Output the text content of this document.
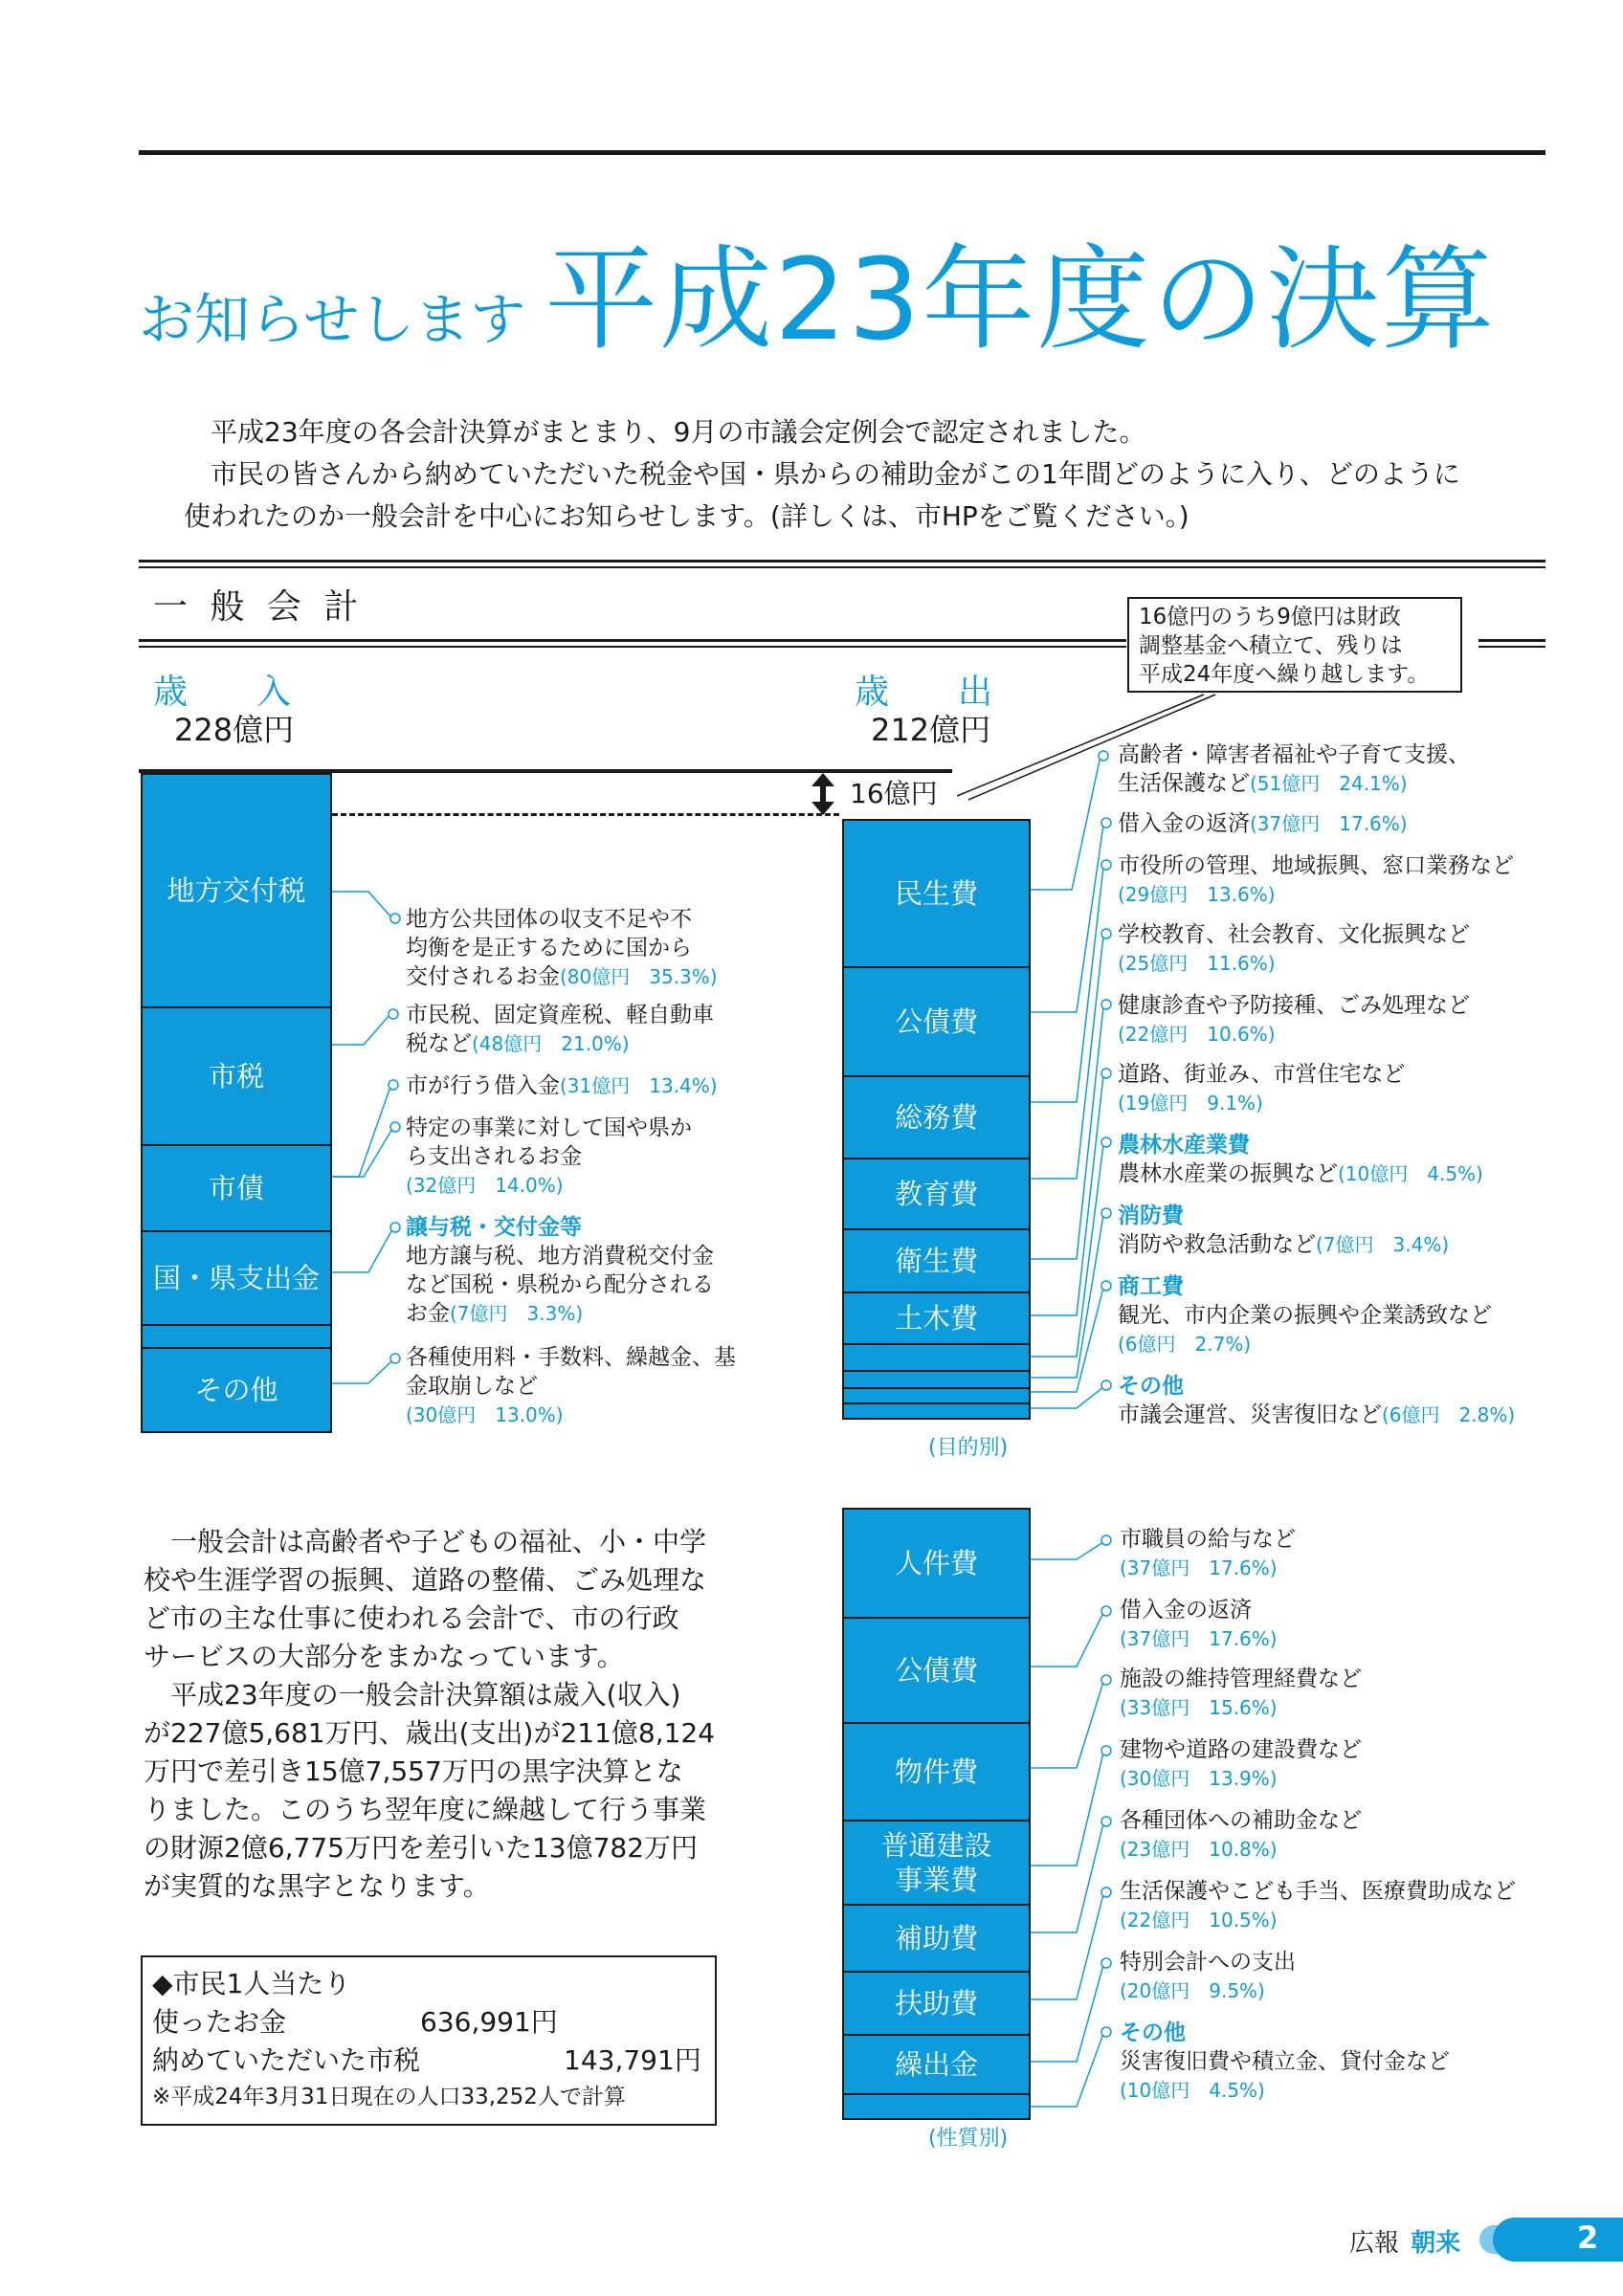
お知らせします 平成23年度の決算

　平成23年度の各会計決算がまとまり、9月の市議会定例会で認定されました。

　市民の皆さんから納めていただいた税金や国・県からの補助金がこの1年間どのように入り、どのように

使われたのか一般会計を中心にお知らせします。(詳しくは、市HPをご覧ください。)

一 般 会 計	16億円のうち9億円は財政
調整基金へ積立て、残りは
平成24年度へ繰り越します。
歳　　入
228億円
歳　　出
212億円
16億円
地方交付税
市税
市債
国・県支出金
その他
地方公共団体の収支不足や不
均衡を是正するために国から
交付されるお金(80億円　35.3%)
市民税、固定資産税、軽自動車
税など(48億円　21.0%)
市が行う借入金(31億円　13.4%)
特定の事業に対して国や県か
ら支出されるお金
(32億円　14.0%)
譲与税・交付金等
地方譲与税、地方消費税交付金
など国税・県税から配分される
お金(7億円　3.3%)
各種使用料・手数料、繰越金、基
金取崩しなど
(30億円　13.0%)
民生費
公債費
総務費
教育費
衛生費
土木費
(目的別)
高齢者・障害者福祉や子育て支援、
生活保護など(51億円　24.1%)
借入金の返済(37億円　17.6%)
市役所の管理、地域振興、窓口業務など
(29億円　13.6%)
学校教育、社会教育、文化振興など
(25億円　11.6%)
健康診査や予防接種、ごみ処理など
(22億円　10.6%)
道路、街並み、市営住宅など
(19億円　9.1%)
農林水産業費
農林水産業の振興など(10億円　4.5%)
消防費
消防や救急活動など(7億円　3.4%)
商工費
観光、市内企業の振興や企業誘致など
(6億円　2.7%)
その他
市議会運営、災害復旧など(6億円　2.8%)
　一般会計は高齢者や子どもの福祉、小・中学
校や生涯学習の振興、道路の整備、ごみ処理な
ど市の主な仕事に使われる会計で、市の行政
サービスの大部分をまかなっています。
　平成23年度の一般会計決算額は歳入(収入)
が227億5,681万円、歳出(支出)が211億8,124
万円で差引き15億7,557万円の黒字決算とな
りました。このうち翌年度に繰越して行う事業
の財源2億6,775万円を差引いた13億782万円
が実質的な黒字となります。
◆市民1人当たり
使ったお金	636,991円
納めていただいた市税	143,791円
※平成24年3月31日現在の人口33,252人で計算
人件費
公債費
物件費
普通建設
事業費
補助費
扶助費
繰出金
(性質別)
市職員の給与など
(37億円　17.6%)
借入金の返済
(37億円　17.6%)
施設の維持管理経費など
(33億円　15.6%)
建物や道路の建設費など
(30億円　13.9%)
各種団体への補助金など
(23億円　10.8%)
生活保護やこども手当、医療費助成など
(22億円　10.5%)
特別会計への支出
(20億円　9.5%)
その他
災害復旧費や積立金、貸付金など
(10億円　4.5%)
広報 朝来	2
